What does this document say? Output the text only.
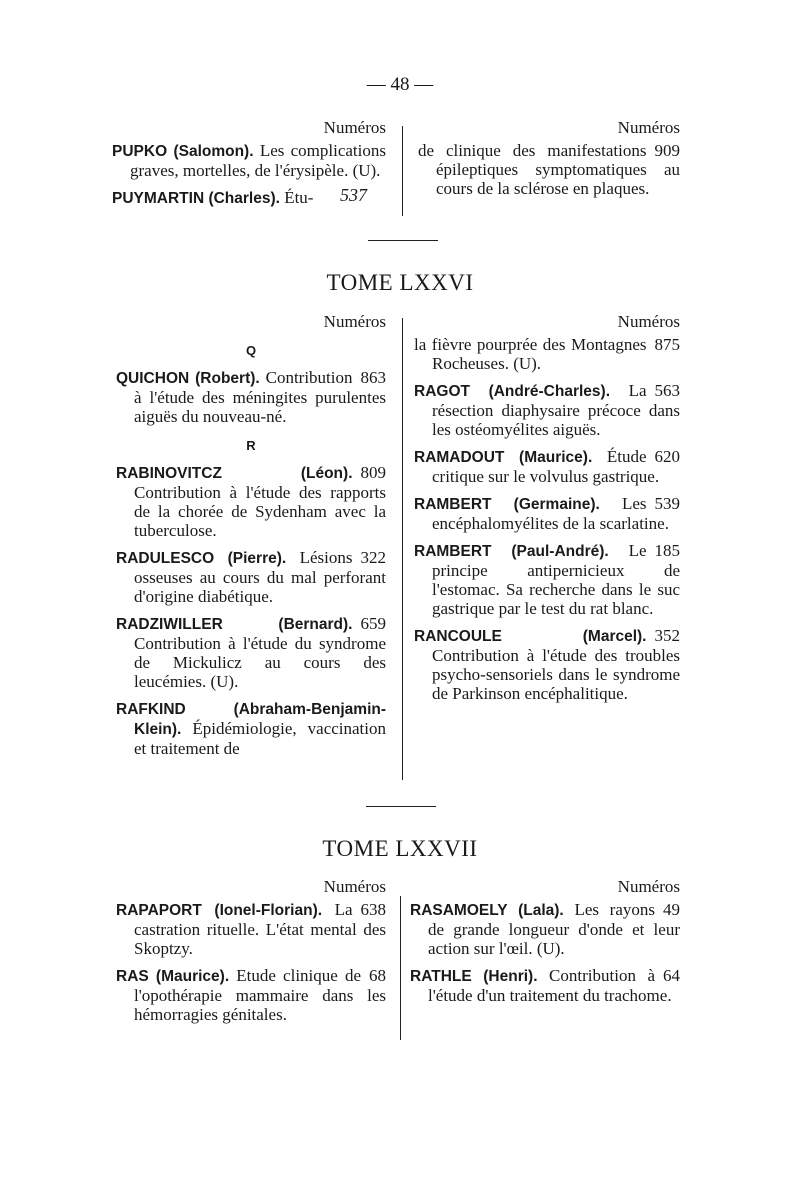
— 48 —
Numéros
PUPKO (Salomon). Les complications graves, mortelles, de l'érysipèle. (U).
PUYMARTIN (Charles). Étu-
Numéros
909
de clinique des manifestations épileptiques symptomatiques au cours de la sclérose en plaques.
537
TOME LXXVI
Numéros
Q
863
QUICHON (Robert). Contribution à l'étude des méningites purulentes aiguës du nouveau-né.
R
809
RABINOVITCZ (Léon). Contribution à l'étude des rapports de la chorée de Sydenham avec la tuberculose.
322
RADULESCO (Pierre). Lésions osseuses au cours du mal perforant d'origine diabétique.
659
RADZIWILLER (Bernard). Contribution à l'étude du syndrome de Mickulicz au cours des leucémies. (U).
RAFKIND (Abraham-Benjamin-Klein). Épidémiologie, vaccination et traitement de
Numéros
875
la fièvre pourprée des Montagnes Rocheuses. (U).
563
RAGOT (André-Charles). La résection diaphysaire précoce dans les ostéomyélites aiguës.
620
RAMADOUT (Maurice). Étude critique sur le volvulus gastrique.
539
RAMBERT (Germaine). Les encéphalomyélites de la scarlatine.
185
RAMBERT (Paul-André). Le principe antipernicieux de l'estomac. Sa recherche dans le suc gastrique par le test du rat blanc.
352
RANCOULE (Marcel). Contribution à l'étude des troubles psycho-sensoriels dans le syndrome de Parkinson encéphalitique.
TOME LXXVII
Numéros
638
RAPAPORT (Ionel-Florian). La castration rituelle. L'état mental des Skoptzy.
68
RAS (Maurice). Etude clinique de l'opothérapie mammaire dans les hémorragies génitales.
Numéros
49
RASAMOELY (Lala). Les rayons de grande longueur d'onde et leur action sur l'œil. (U).
64
RATHLE (Henri). Contribution à l'étude d'un traitement du trachome.
